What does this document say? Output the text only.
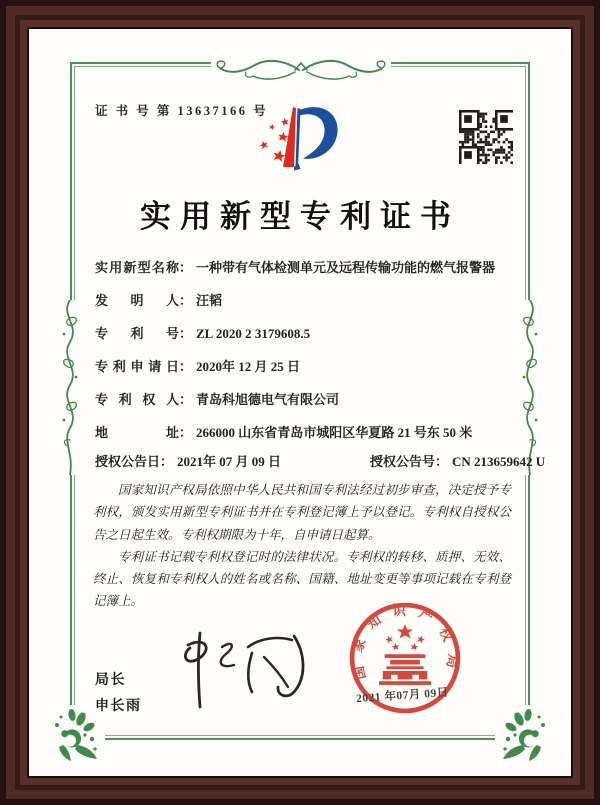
证 书 号 第 13637166 号
实用新型专利证书
实用新型名称： 一种带有气体检测单元及远程传输功能的燃气报警器
发明人： 汪韬
专利号： ZL 2020 2 3179608.5
专利申请日： 2020年 12 月 25 日
专利权人： 青岛科旭德电气有限公司
地址： 266000 山东省青岛市城阳区华夏路 21 号东 50 米
授权公告日： 2021年 07 月 09 日	授权公告号： CN 213659642 U

国家知识产权局依照中华人民共和国专利法经过初步审查，决定授予专利权，颁发实用新型专利证书并在专利登记簿上予以登记。专利权自授权公告之日起生效。专利权期限为十年，自申请日起算。

专利证书记载专利权登记时的法律状况。专利权的转移、质押、无效、终止、恢复和专利权人的姓名或名称、国籍、地址变更等事项记载在专利登记簿上。

局长
申长雨
国家知识产权局
2021 年07月 09日
